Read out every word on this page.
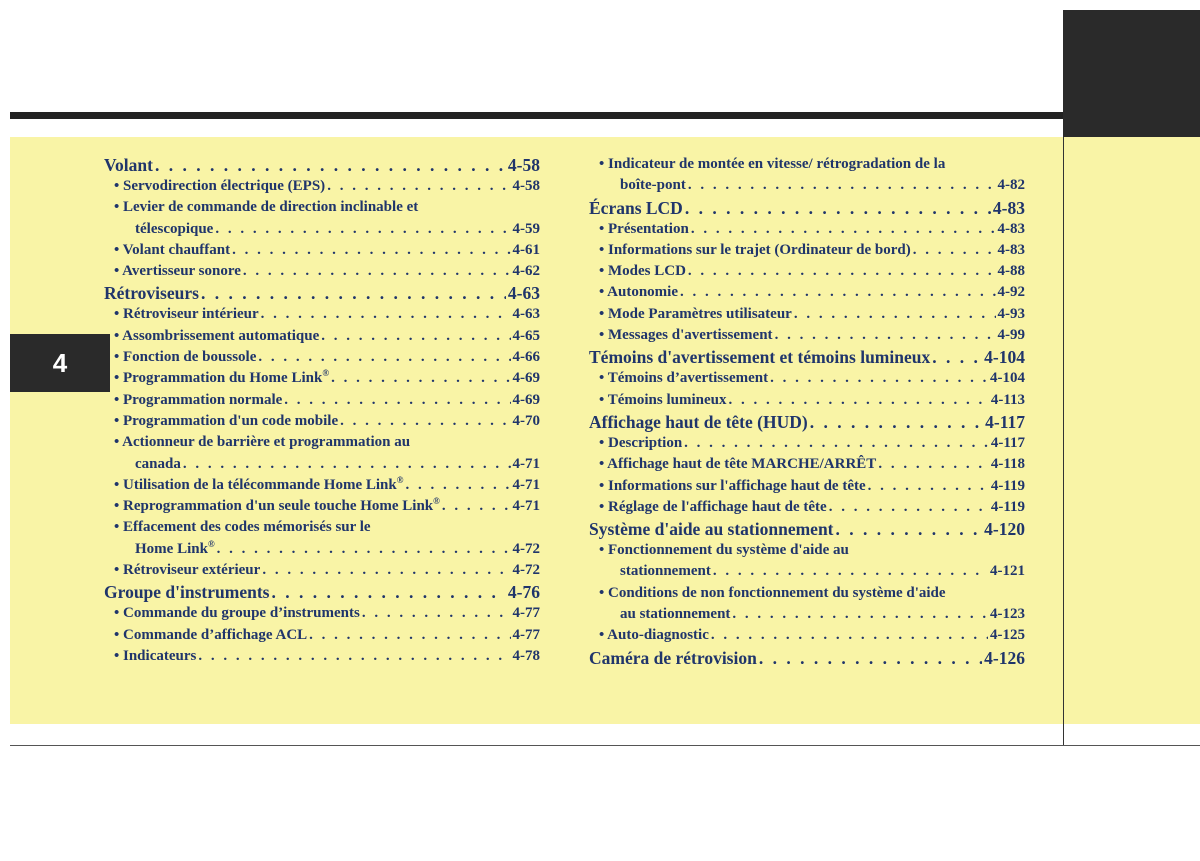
4
Volant . . .	4-58
• Servodirection électrique (EPS) . . .	4-58
• Levier de commande de direction inclinable et
télescopique . . .	4-59
• Volant chauffant . . .	4-61
• Avertisseur sonore . . .	4-62
Rétroviseurs . . .	4-63
• Rétroviseur intérieur . . .	4-63
• Assombrissement automatique . . .	4-65
• Fonction de boussole . . .	4-66
• Programmation du Home Link® . . .	4-69
• Programmation normale . . .	4-69
• Programmation d'un code mobile . . .	4-70
• Actionneur de barrière et programmation au
canada . . .	4-71
• Utilisation de la télécommande Home Link® . . .	4-71
• Reprogrammation d'un seule touche Home Link® . . .	4-71
• Effacement des codes mémorisés sur le
Home Link® . . .	4-72
• Rétroviseur extérieur . . .	4-72
Groupe d'instruments . . .	4-76
• Commande du groupe d’instruments . . .	4-77
• Commande d’affichage ACL . . .	4-77
• Indicateurs . . .	4-78
• Indicateur de montée en vitesse/ rétrogradation de la
boîte-pont . . .	4-82
Écrans LCD . . .	4-83
• Présentation . . .	4-83
• Informations sur le trajet (Ordinateur de bord) . . .	4-83
• Modes LCD . . .	4-88
• Autonomie . . .	4-92
• Mode Paramètres utilisateur . . .	4-93
• Messages d'avertissement . . .	4-99
Témoins d'avertissement et témoins lumineux . . .	4-104
• Témoins d’avertissement . . .	4-104
• Témoins lumineux . . .	4-113
Affichage haut de tête (HUD) . . .	4-117
• Description . . .	4-117
• Affichage haut de tête MARCHE/ARRÊT . . .	4-118
• Informations sur l'affichage haut de tête . . .	4-119
• Réglage de l'affichage haut de tête . . .	4-119
Système d'aide au stationnement . . .	4-120
• Fonctionnement du système d'aide au
stationnement . . .	4-121
• Conditions de non fonctionnement du système d'aide
au stationnement . . .	4-123
• Auto-diagnostic . . .	4-125
Caméra de rétrovision . . .	4-126
